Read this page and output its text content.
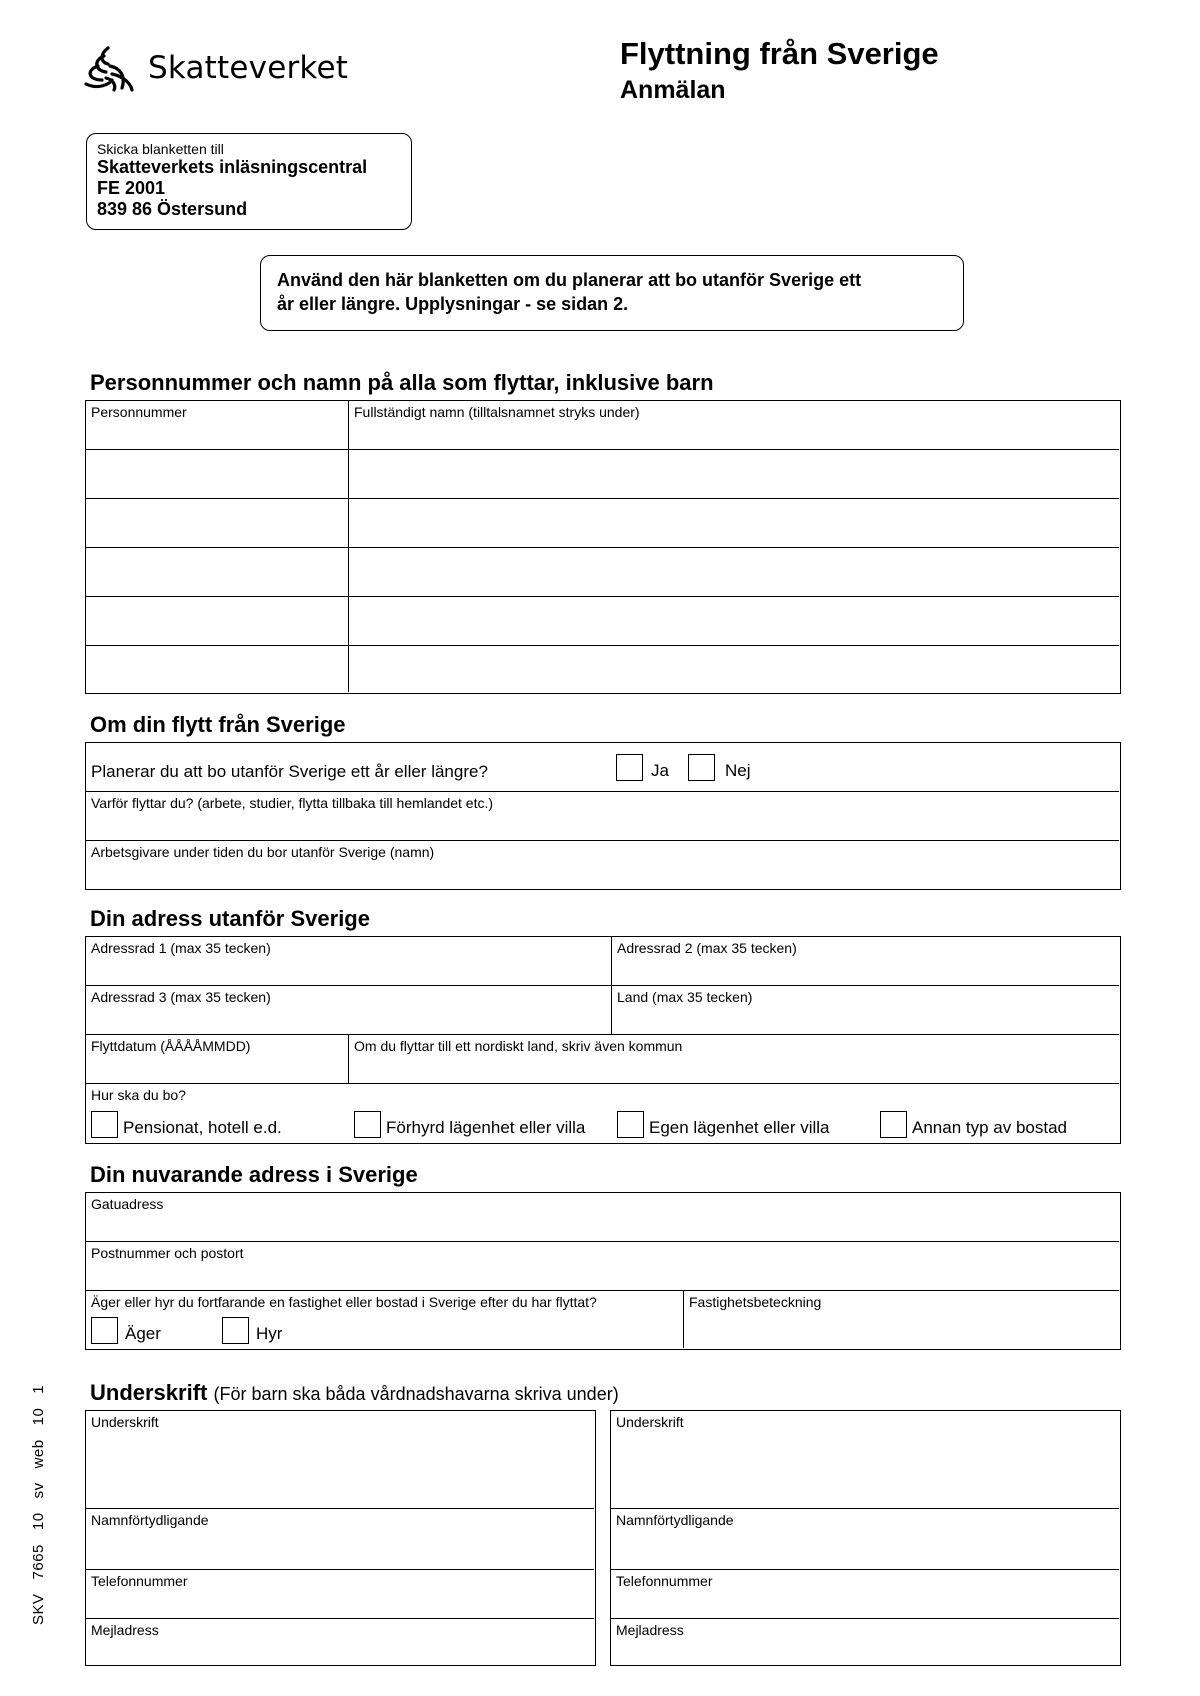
Skatteverket	Flyttning från Sverige
Anmälan
Skicka blanketten till
Skatteverkets inläsningscentral
FE 2001
839 86 Östersund
Använd den här blanketten om du planerar att bo utanför Sverige ett
år eller längre. Upplysningar - se sidan 2.
Personnummer och namn på alla som flyttar, inklusive barn
Personnummer	Fullständigt namn (tilltalsnamnet stryks under)
Om din flytt från Sverige
Planerar du att bo utanför Sverige ett år eller längre?	Ja	Nej
Varför flyttar du? (arbete, studier, flytta tillbaka till hemlandet etc.)
Arbetsgivare under tiden du bor utanför Sverige (namn)
Din adress utanför Sverige
Adressrad 1 (max 35 tecken)	Adressrad 2 (max 35 tecken)
Adressrad 3 (max 35 tecken)	Land (max 35 tecken)
Flyttdatum (ÅÅÅÅMMDD)	Om du flyttar till ett nordiskt land, skriv även kommun
Hur ska du bo?
Pensionat, hotell e.d.	Förhyrd lägenhet eller villa	Egen lägenhet eller villa	Annan typ av bostad
Din nuvarande adress i Sverige
Gatuadress
Postnummer och postort
Äger eller hyr du fortfarande en fastighet eller bostad i Sverige efter du har flyttat?
Äger	Hyr
Fastighetsbeteckning
Underskrift (För barn ska båda vårdnadshavarna skriva under)
Underskrift
Namnförtydligande
Telefonnummer
Mejladress
Underskrift
Namnförtydligande
Telefonnummer
Mejladress
SKV   7665   10   sv   web   10   1
